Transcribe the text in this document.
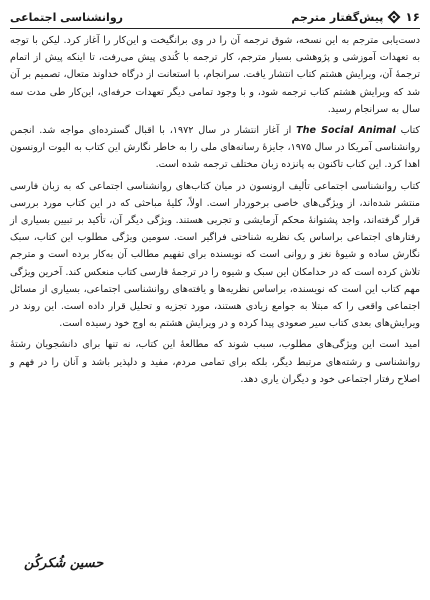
۱۶
پیش‌گفتار مترجم
روانشناسی اجتماعی

دست‌یابی مترجم به این نسخه، شوق ترجمه آن را در وی برانگیخت و این‌کار را آغاز کرد. لیکن با توجه به تعهدات آموزشی و پژوهشی بسیار مترجم، کار ترجمه با کُندی پیش می‌رفت، تا اینکه پیش از اتمام ترجمهٔ آن، ویرایش هشتم کتاب انتشار یافت. سرانجام، با استعانت از درگاه خداوند متعال، تصمیم بر آن شد که ویرایش هشتم کتاب ترجمه شود، و با وجود تمامی دیگر تعهدات حرفه‌ای، این‌کار طی مدت سه سال به سرانجام رسید.

کتاب The Social Animal از آغاز انتشار در سال ۱۹۷۲، با اقبال گسترده‌ای مواجه شد. انجمن روانشناسی آمریکا در سال ۱۹۷۵، جایزهٔ رسانه‌های ملی را به خاطر نگارش این کتاب به الیوت ارونسون اهدا کرد. این کتاب تاکنون به پانزده زبان مختلف ترجمه شده است.

کتاب روانشناسی اجتماعی تألیف ارونسون در میان کتاب‌های روانشناسی اجتماعی که به زبان فارسی منتشر شده‌اند، از ویژگی‌های خاصی برخوردار است. اولاً، کلیهٔ مباحثی که در این کتاب مورد بررسی قرار گرفته‌اند، واجد پشتوانهٔ محکم آزمایشی و تجربی هستند. ویژگی دیگر آن، تأکید بر تبیین بسیاری از رفتارهای اجتماعی براساس یک نظریه شناختی فراگیر است. سومین ویژگی مطلوب این کتاب، سبک نگارش ساده و شیوهٔ نغز و روانی است که نویسنده برای تفهیم مطالب آن به‌کار برده است و مترجم تلاش کرده است که در حدامکان این سبک و شیوه را در ترجمهٔ فارسی کتاب منعکس کند. آخرین ویژگی مهم کتاب این است که نویسنده، براساس نظریه‌ها و یافته‌های روانشناسی اجتماعی، بسیاری از مسائل اجتماعی واقعی را که مبتلا به جوامع زیادی هستند، مورد تجزیه و تحلیل قرار داده است. این روند در ویرایش‌های بعدی کتاب سیر صعودی پیدا کرده و در ویرایش هشتم به اوج خود رسیده است.

امید است این ویژگی‌های مطلوب، سبب شوند که مطالعهٔ این کتاب، نه تنها برای دانشجویان رشتهٔ روانشناسی و رشته‌های مرتبط دیگر، بلکه برای تمامی مردم، مفید و دلپذیر باشد و آنان را در فهم و اصلاح رفتار اجتماعی خود و دیگران یاری دهد.

حسین شُکرکُن
